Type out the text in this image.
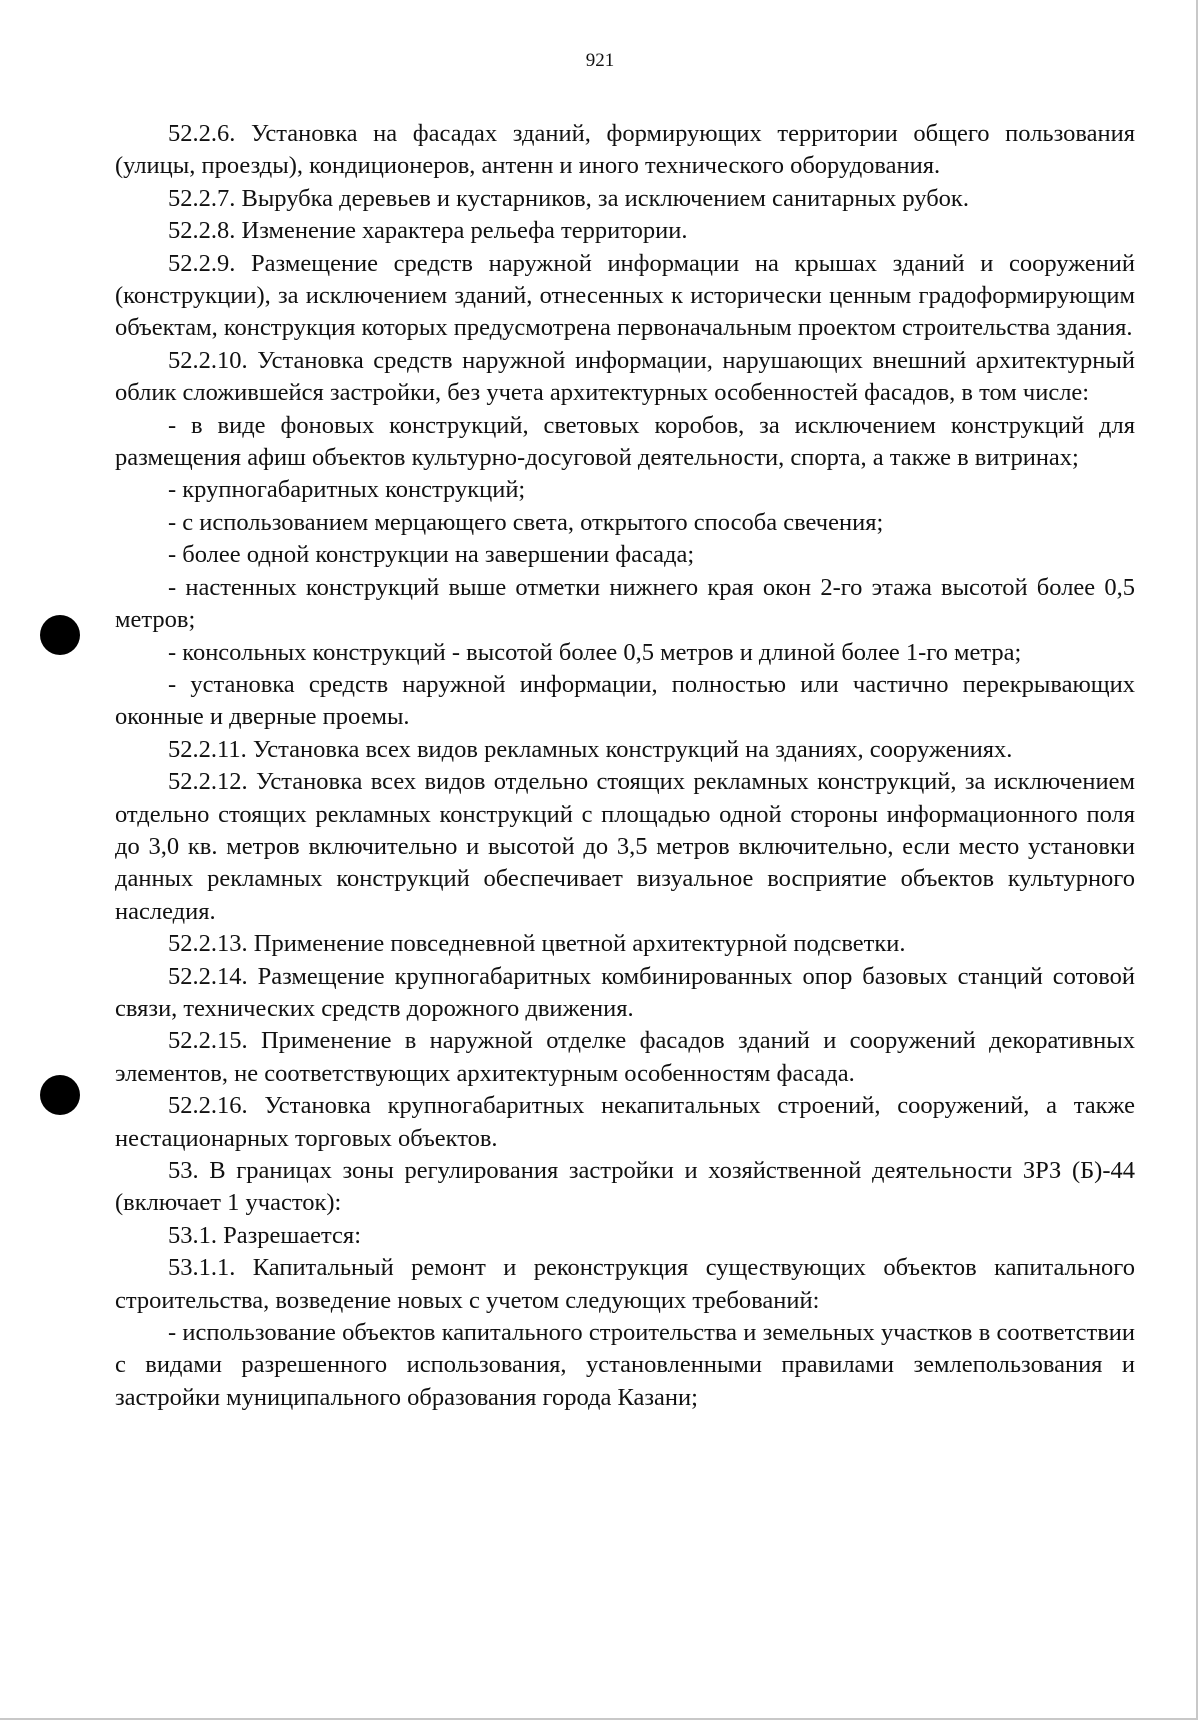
921

52.2.6. Установка на фасадах зданий, формирующих территории общего пользования (улицы, проезды), кондиционеров, антенн и иного технического оборудования.

52.2.7. Вырубка деревьев и кустарников, за исключением санитарных рубок.

52.2.8. Изменение характера рельефа территории.

52.2.9. Размещение средств наружной информации на крышах зданий и сооружений (конструкции), за исключением зданий, отнесенных к исторически ценным градоформирующим объектам, конструкция которых предусмотрена первоначальным проектом строительства здания.

52.2.10. Установка средств наружной информации, нарушающих внешний архитектурный облик сложившейся застройки, без учета архитектурных особенностей фасадов, в том числе:

- в виде фоновых конструкций, световых коробов, за исключением конструкций для размещения афиш объектов культурно-досуговой деятельности, спорта, а также в витринах;

- крупногабаритных конструкций;

- с использованием мерцающего света, открытого способа свечения;

- более одной конструкции на завершении фасада;

- настенных конструкций выше отметки нижнего края окон 2-го этажа высотой более 0,5 метров;

- консольных конструкций - высотой более 0,5 метров и длиной более 1-го метра;

- установка средств наружной информации, полностью или частично перекрывающих оконные и дверные проемы.

52.2.11. Установка всех видов рекламных конструкций на зданиях, сооружениях.

52.2.12. Установка всех видов отдельно стоящих рекламных конструкций, за исключением отдельно стоящих рекламных конструкций с площадью одной стороны информационного поля до 3,0 кв. метров включительно и высотой до 3,5 метров включительно, если место установки данных рекламных конструкций обеспечивает визуальное восприятие объектов культурного наследия.

52.2.13. Применение повседневной цветной архитектурной подсветки.

52.2.14. Размещение крупногабаритных комбинированных опор базовых станций сотовой связи, технических средств дорожного движения.

52.2.15. Применение в наружной отделке фасадов зданий и сооружений декоративных элементов, не соответствующих архитектурным особенностям фасада.

52.2.16. Установка крупногабаритных некапитальных строений, сооружений, а также нестационарных торговых объектов.

53. В границах зоны регулирования застройки и хозяйственной деятельности ЗРЗ (Б)-44 (включает 1 участок):

53.1. Разрешается:

53.1.1. Капитальный ремонт и реконструкция существующих объектов капитального строительства, возведение новых с учетом следующих требований:

- использование объектов капитального строительства и земельных участков в соответствии с видами разрешенного использования, установленными правилами землепользования и застройки муниципального образования города Казани;
